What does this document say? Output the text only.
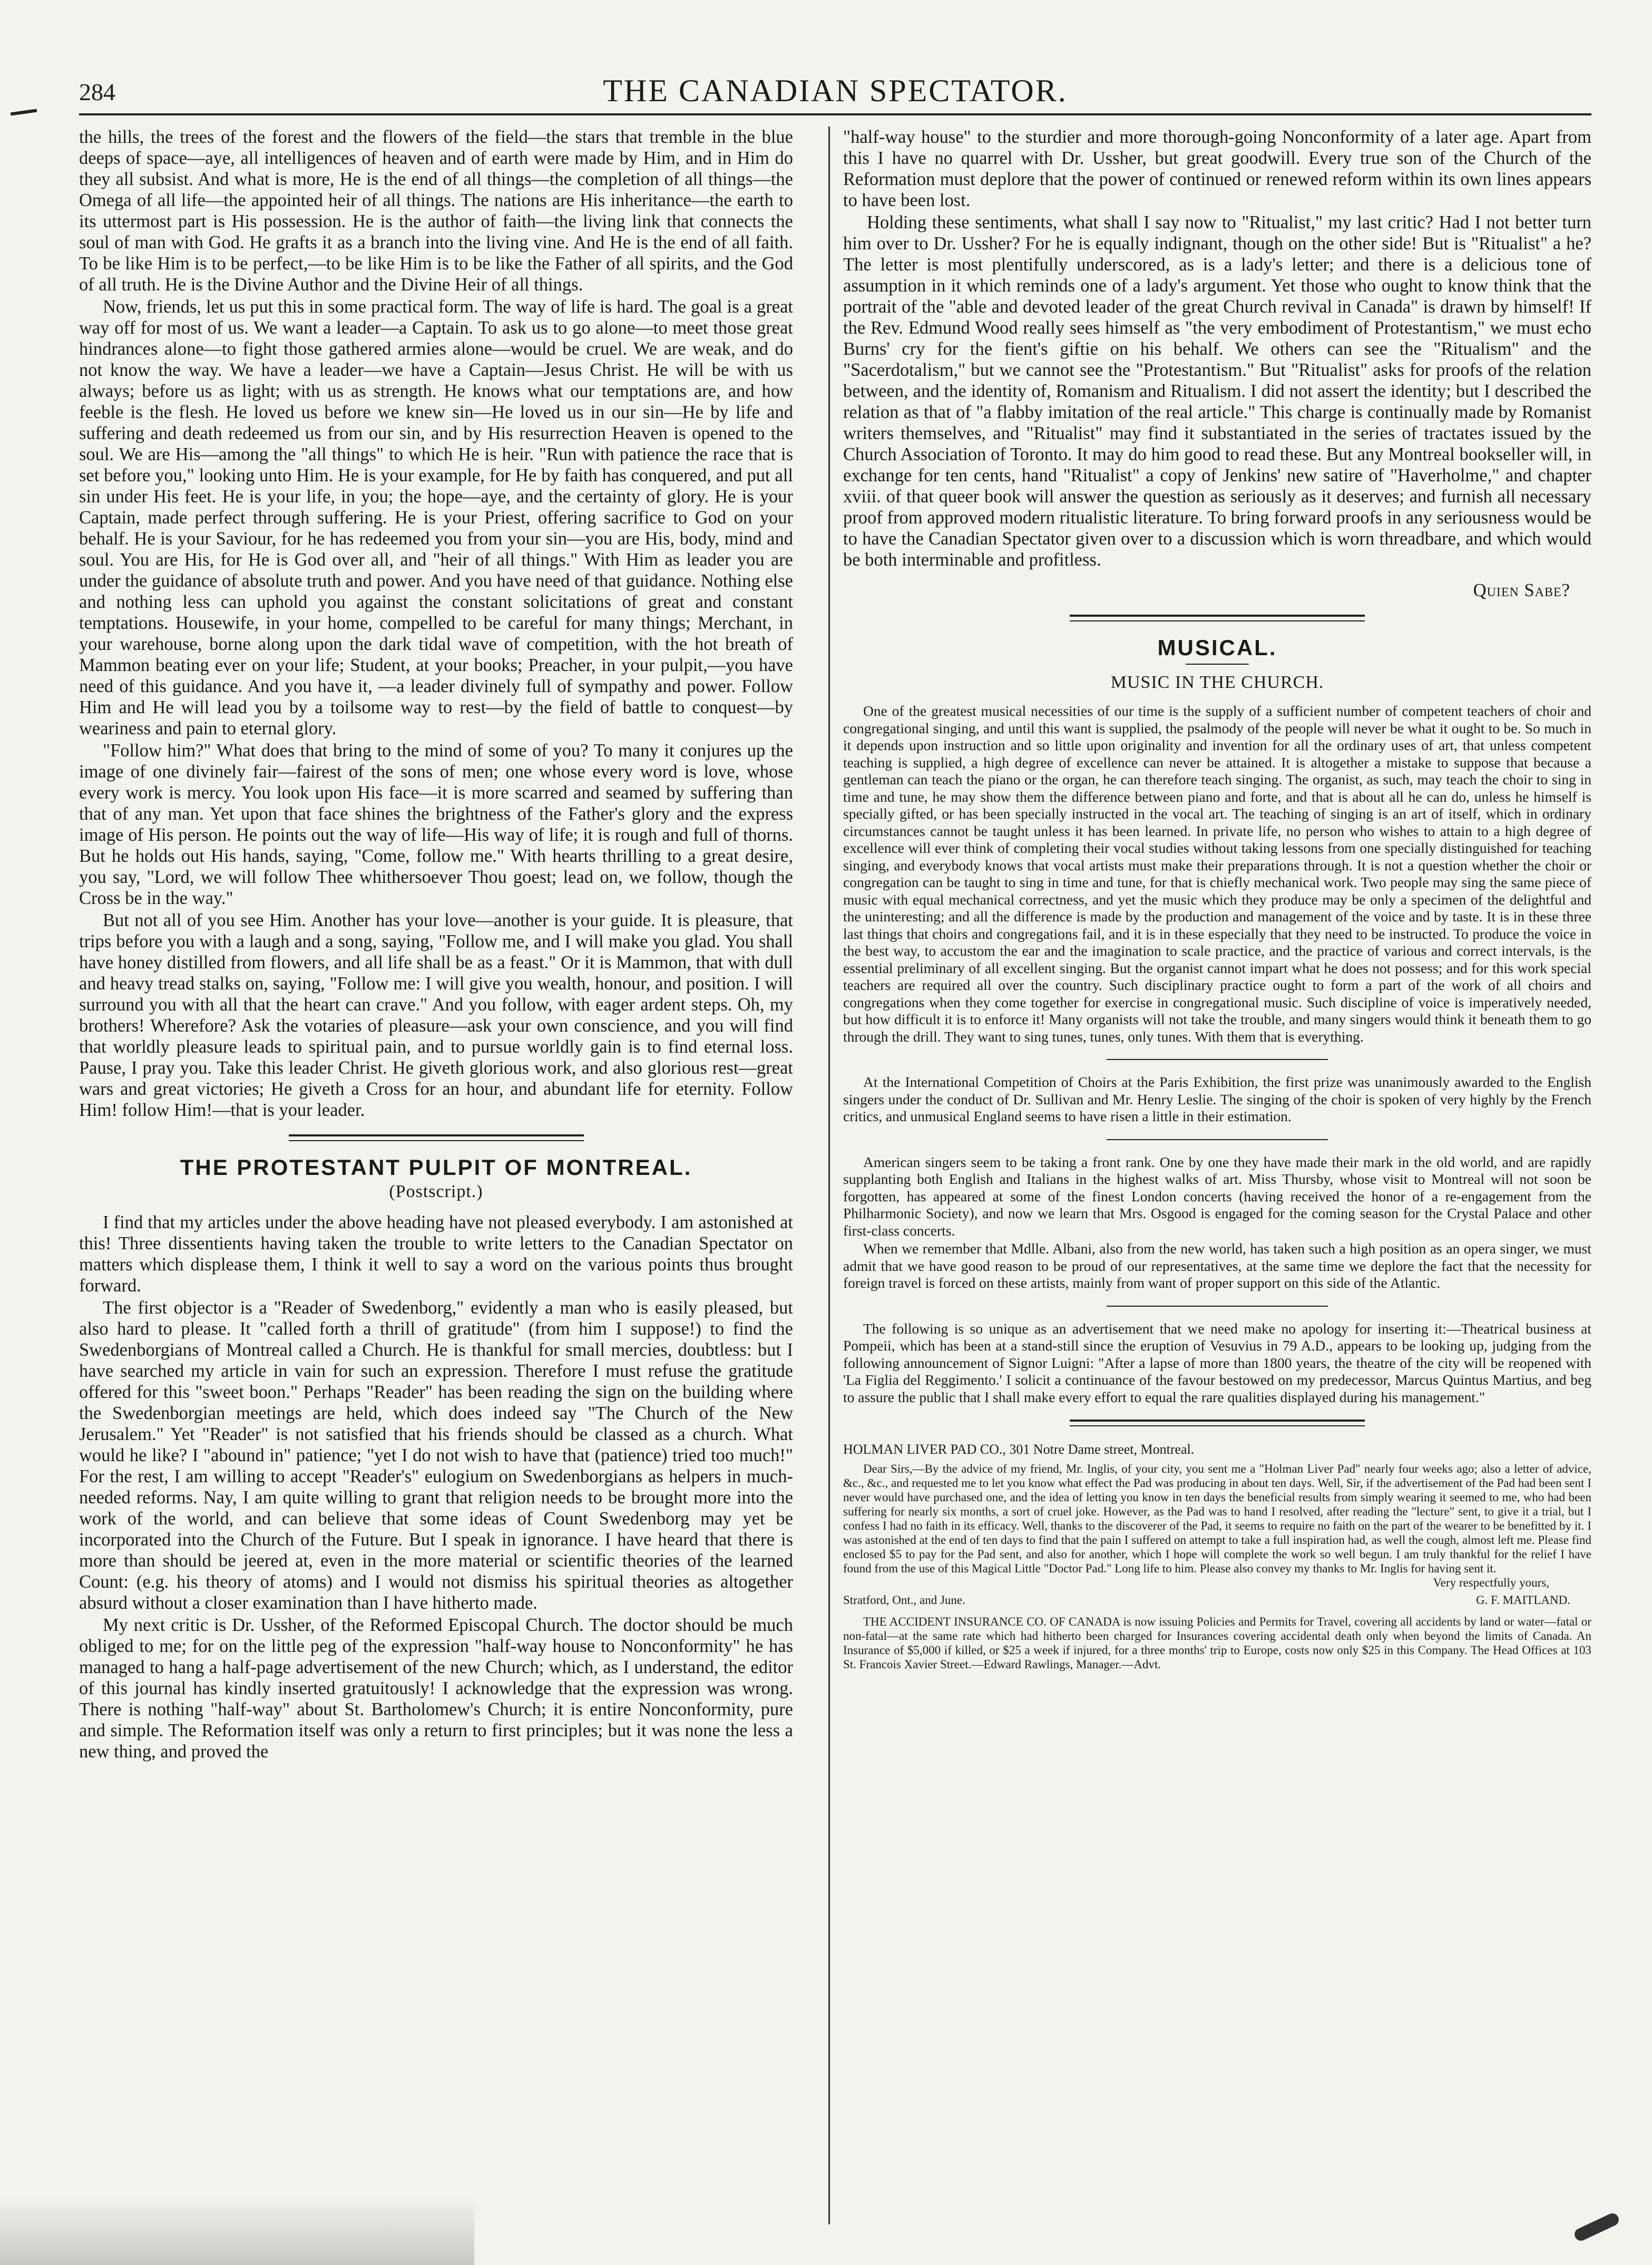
284	THE CANADIAN SPECTATOR.

the hills, the trees of the forest and the flowers of the field—the stars that tremble in the blue deeps of space—aye, all intelligences of heaven and of earth were made by Him, and in Him do they all subsist. And what is more, He is the end of all things—the completion of all things—the Omega of all life—the appointed heir of all things. The nations are His inheritance—the earth to its uttermost part is His possession. He is the author of faith—the living link that connects the soul of man with God. He grafts it as a branch into the living vine. And He is the end of all faith. To be like Him is to be perfect,—to be like Him is to be like the Father of all spirits, and the God of all truth. He is the Divine Author and the Divine Heir of all things.

Now, friends, let us put this in some practical form. The way of life is hard. The goal is a great way off for most of us. We want a leader—a Captain. To ask us to go alone—to meet those great hindrances alone—to fight those gathered armies alone—would be cruel. We are weak, and do not know the way. We have a leader—we have a Captain—Jesus Christ. He will be with us always; before us as light; with us as strength. He knows what our temptations are, and how feeble is the flesh. He loved us before we knew sin—He loved us in our sin—He by life and suffering and death redeemed us from our sin, and by His resurrection Heaven is opened to the soul. We are His—among the "all things" to which He is heir. "Run with patience the race that is set before you," looking unto Him. He is your example, for He by faith has conquered, and put all sin under His feet. He is your life, in you; the hope—aye, and the certainty of glory. He is your Captain, made perfect through suffering. He is your Priest, offering sacrifice to God on your behalf. He is your Saviour, for he has redeemed you from your sin—you are His, body, mind and soul. You are His, for He is God over all, and "heir of all things." With Him as leader you are under the guidance of absolute truth and power. And you have need of that guidance. Nothing else and nothing less can uphold you against the constant solicitations of great and constant temptations. Housewife, in your home, compelled to be careful for many things; Merchant, in your warehouse, borne along upon the dark tidal wave of competition, with the hot breath of Mammon beating ever on your life; Student, at your books; Preacher, in your pulpit,—you have need of this guidance. And you have it, —a leader divinely full of sympathy and power. Follow Him and He will lead you by a toilsome way to rest—by the field of battle to conquest—by weariness and pain to eternal glory.

"Follow him?" What does that bring to the mind of some of you? To many it conjures up the image of one divinely fair—fairest of the sons of men; one whose every word is love, whose every work is mercy. You look upon His face—it is more scarred and seamed by suffering than that of any man. Yet upon that face shines the brightness of the Father's glory and the express image of His person. He points out the way of life—His way of life; it is rough and full of thorns. But he holds out His hands, saying, "Come, follow me." With hearts thrilling to a great desire, you say, "Lord, we will follow Thee whithersoever Thou goest; lead on, we follow, though the Cross be in the way."

But not all of you see Him. Another has your love—another is your guide. It is pleasure, that trips before you with a laugh and a song, saying, "Follow me, and I will make you glad. You shall have honey distilled from flowers, and all life shall be as a feast." Or it is Mammon, that with dull and heavy tread stalks on, saying, "Follow me: I will give you wealth, honour, and position. I will surround you with all that the heart can crave." And you follow, with eager ardent steps. Oh, my brothers! Wherefore? Ask the votaries of pleasure—ask your own conscience, and you will find that worldly pleasure leads to spiritual pain, and to pursue worldly gain is to find eternal loss. Pause, I pray you. Take this leader Christ. He giveth glorious work, and also glorious rest—great wars and great victories; He giveth a Cross for an hour, and abundant life for eternity. Follow Him! follow Him!—that is your leader.

THE PROTESTANT PULPIT OF MONTREAL.
(Postscript.)

I find that my articles under the above heading have not pleased everybody. I am astonished at this! Three dissentients having taken the trouble to write letters to the Canadian Spectator on matters which displease them, I think it well to say a word on the various points thus brought forward.

The first objector is a "Reader of Swedenborg," evidently a man who is easily pleased, but also hard to please. It "called forth a thrill of gratitude" (from him I suppose!) to find the Swedenborgians of Montreal called a Church. He is thankful for small mercies, doubtless: but I have searched my article in vain for such an expression. Therefore I must refuse the gratitude offered for this "sweet boon." Perhaps "Reader" has been reading the sign on the building where the Swedenborgian meetings are held, which does indeed say "The Church of the New Jerusalem." Yet "Reader" is not satisfied that his friends should be classed as a church. What would he like? I "abound in" patience; "yet I do not wish to have that (patience) tried too much!" For the rest, I am willing to accept "Reader's" eulogium on Swedenborgians as helpers in much-needed reforms. Nay, I am quite willing to grant that religion needs to be brought more into the work of the world, and can believe that some ideas of Count Swedenborg may yet be incorporated into the Church of the Future. But I speak in ignorance. I have heard that there is more than should be jeered at, even in the more material or scientific theories of the learned Count: (e.g. his theory of atoms) and I would not dismiss his spiritual theories as altogether absurd without a closer examination than I have hitherto made.

My next critic is Dr. Ussher, of the Reformed Episcopal Church. The doctor should be much obliged to me; for on the little peg of the expression "half-way house to Nonconformity" he has managed to hang a half-page advertisement of the new Church; which, as I understand, the editor of this journal has kindly inserted gratuitously! I acknowledge that the expression was wrong. There is nothing "half-way" about St. Bartholomew's Church; it is entire Nonconformity, pure and simple. The Reformation itself was only a return to first principles; but it was none the less a new thing, and proved the

"half-way house" to the sturdier and more thorough-going Nonconformity of a later age. Apart from this I have no quarrel with Dr. Ussher, but great goodwill. Every true son of the Church of the Reformation must deplore that the power of continued or renewed reform within its own lines appears to have been lost.

Holding these sentiments, what shall I say now to "Ritualist," my last critic? Had I not better turn him over to Dr. Ussher? For he is equally indignant, though on the other side! But is "Ritualist" a he? The letter is most plentifully underscored, as is a lady's letter; and there is a delicious tone of assumption in it which reminds one of a lady's argument. Yet those who ought to know think that the portrait of the "able and devoted leader of the great Church revival in Canada" is drawn by himself! If the Rev. Edmund Wood really sees himself as "the very embodiment of Protestantism," we must echo Burns' cry for the fient's giftie on his behalf. We others can see the "Ritualism" and the "Sacerdotalism," but we cannot see the "Protestantism." But "Ritualist" asks for proofs of the relation between, and the identity of, Romanism and Ritualism. I did not assert the identity; but I described the relation as that of "a flabby imitation of the real article." This charge is continually made by Romanist writers themselves, and "Ritualist" may find it substantiated in the series of tractates issued by the Church Association of Toronto. It may do him good to read these. But any Montreal bookseller will, in exchange for ten cents, hand "Ritualist" a copy of Jenkins' new satire of "Haverholme," and chapter xviii. of that queer book will answer the question as seriously as it deserves; and furnish all necessary proof from approved modern ritualistic literature. To bring forward proofs in any seriousness would be to have the Canadian Spectator given over to a discussion which is worn threadbare, and which would be both interminable and profitless.

Quien Sabe?
MUSICAL.
MUSIC IN THE CHURCH.

One of the greatest musical necessities of our time is the supply of a sufficient number of competent teachers of choir and congregational singing, and until this want is supplied, the psalmody of the people will never be what it ought to be. So much in it depends upon instruction and so little upon originality and invention for all the ordinary uses of art, that unless competent teaching is supplied, a high degree of excellence can never be attained. It is altogether a mistake to suppose that because a gentleman can teach the piano or the organ, he can therefore teach singing. The organist, as such, may teach the choir to sing in time and tune, he may show them the difference between piano and forte, and that is about all he can do, unless he himself is specially gifted, or has been specially instructed in the vocal art. The teaching of singing is an art of itself, which in ordinary circumstances cannot be taught unless it has been learned. In private life, no person who wishes to attain to a high degree of excellence will ever think of completing their vocal studies without taking lessons from one specially distinguished for teaching singing, and everybody knows that vocal artists must make their preparations through. It is not a question whether the choir or congregation can be taught to sing in time and tune, for that is chiefly mechanical work. Two people may sing the same piece of music with equal mechanical correctness, and yet the music which they produce may be only a specimen of the delightful and the uninteresting; and all the difference is made by the production and management of the voice and by taste. It is in these three last things that choirs and congregations fail, and it is in these especially that they need to be instructed. To produce the voice in the best way, to accustom the ear and the imagination to scale practice, and the practice of various and correct intervals, is the essential preliminary of all excellent singing. But the organist cannot impart what he does not possess; and for this work special teachers are required all over the country. Such disciplinary practice ought to form a part of the work of all choirs and congregations when they come together for exercise in congregational music. Such discipline of voice is imperatively needed, but how difficult it is to enforce it! Many organists will not take the trouble, and many singers would think it beneath them to go through the drill. They want to sing tunes, tunes, only tunes. With them that is everything.

At the International Competition of Choirs at the Paris Exhibition, the first prize was unanimously awarded to the English singers under the conduct of Dr. Sullivan and Mr. Henry Leslie. The singing of the choir is spoken of very highly by the French critics, and unmusical England seems to have risen a little in their estimation.

American singers seem to be taking a front rank. One by one they have made their mark in the old world, and are rapidly supplanting both English and Italians in the highest walks of art. Miss Thursby, whose visit to Montreal will not soon be forgotten, has appeared at some of the finest London concerts (having received the honor of a re-engagement from the Philharmonic Society), and now we learn that Mrs. Osgood is engaged for the coming season for the Crystal Palace and other first-class concerts.

When we remember that Mdlle. Albani, also from the new world, has taken such a high position as an opera singer, we must admit that we have good reason to be proud of our representatives, at the same time we deplore the fact that the necessity for foreign travel is forced on these artists, mainly from want of proper support on this side of the Atlantic.

The following is so unique as an advertisement that we need make no apology for inserting it:—Theatrical business at Pompeii, which has been at a stand-still since the eruption of Vesuvius in 79 A.D., appears to be looking up, judging from the following announcement of Signor Luigni: "After a lapse of more than 1800 years, the theatre of the city will be reopened with 'La Figlia del Reggimento.' I solicit a continuance of the favour bestowed on my predecessor, Marcus Quintus Martius, and beg to assure the public that I shall make every effort to equal the rare qualities displayed during his management."

HOLMAN LIVER PAD CO., 301 Notre Dame street, Montreal.

Dear Sirs,—By the advice of my friend, Mr. Inglis, of your city, you sent me a "Holman Liver Pad" nearly four weeks ago; also a letter of advice, &c., &c., and requested me to let you know what effect the Pad was producing in about ten days. Well, Sir, if the advertisement of the Pad had been sent I never would have purchased one, and the idea of letting you know in ten days the beneficial results from simply wearing it seemed to me, who had been suffering for nearly six months, a sort of cruel joke. However, as the Pad was to hand I resolved, after reading the "lecture" sent, to give it a trial, but I confess I had no faith in its efficacy. Well, thanks to the discoverer of the Pad, it seems to require no faith on the part of the wearer to be benefitted by it. I was astonished at the end of ten days to find that the pain I suffered on attempt to take a full inspiration had, as well the cough, almost left me. Please find enclosed $5 to pay for the Pad sent, and also for another, which I hope will complete the work so well begun. I am truly thankful for the relief I have found from the use of this Magical Little "Doctor Pad." Long life to him. Please also convey my thanks to Mr. Inglis for having sent it.

Very respectfully yours,
Stratford, Ont., and June.	G. F. MAITLAND.

THE ACCIDENT INSURANCE CO. OF CANADA is now issuing Policies and Permits for Travel, covering all accidents by land or water—fatal or non-fatal—at the same rate which had hitherto been charged for Insurances covering accidental death only when beyond the limits of Canada. An Insurance of $5,000 if killed, or $25 a week if injured, for a three months' trip to Europe, costs now only $25 in this Company. The Head Offices at 103 St. Francois Xavier Street.—Edward Rawlings, Manager.—Advt.
